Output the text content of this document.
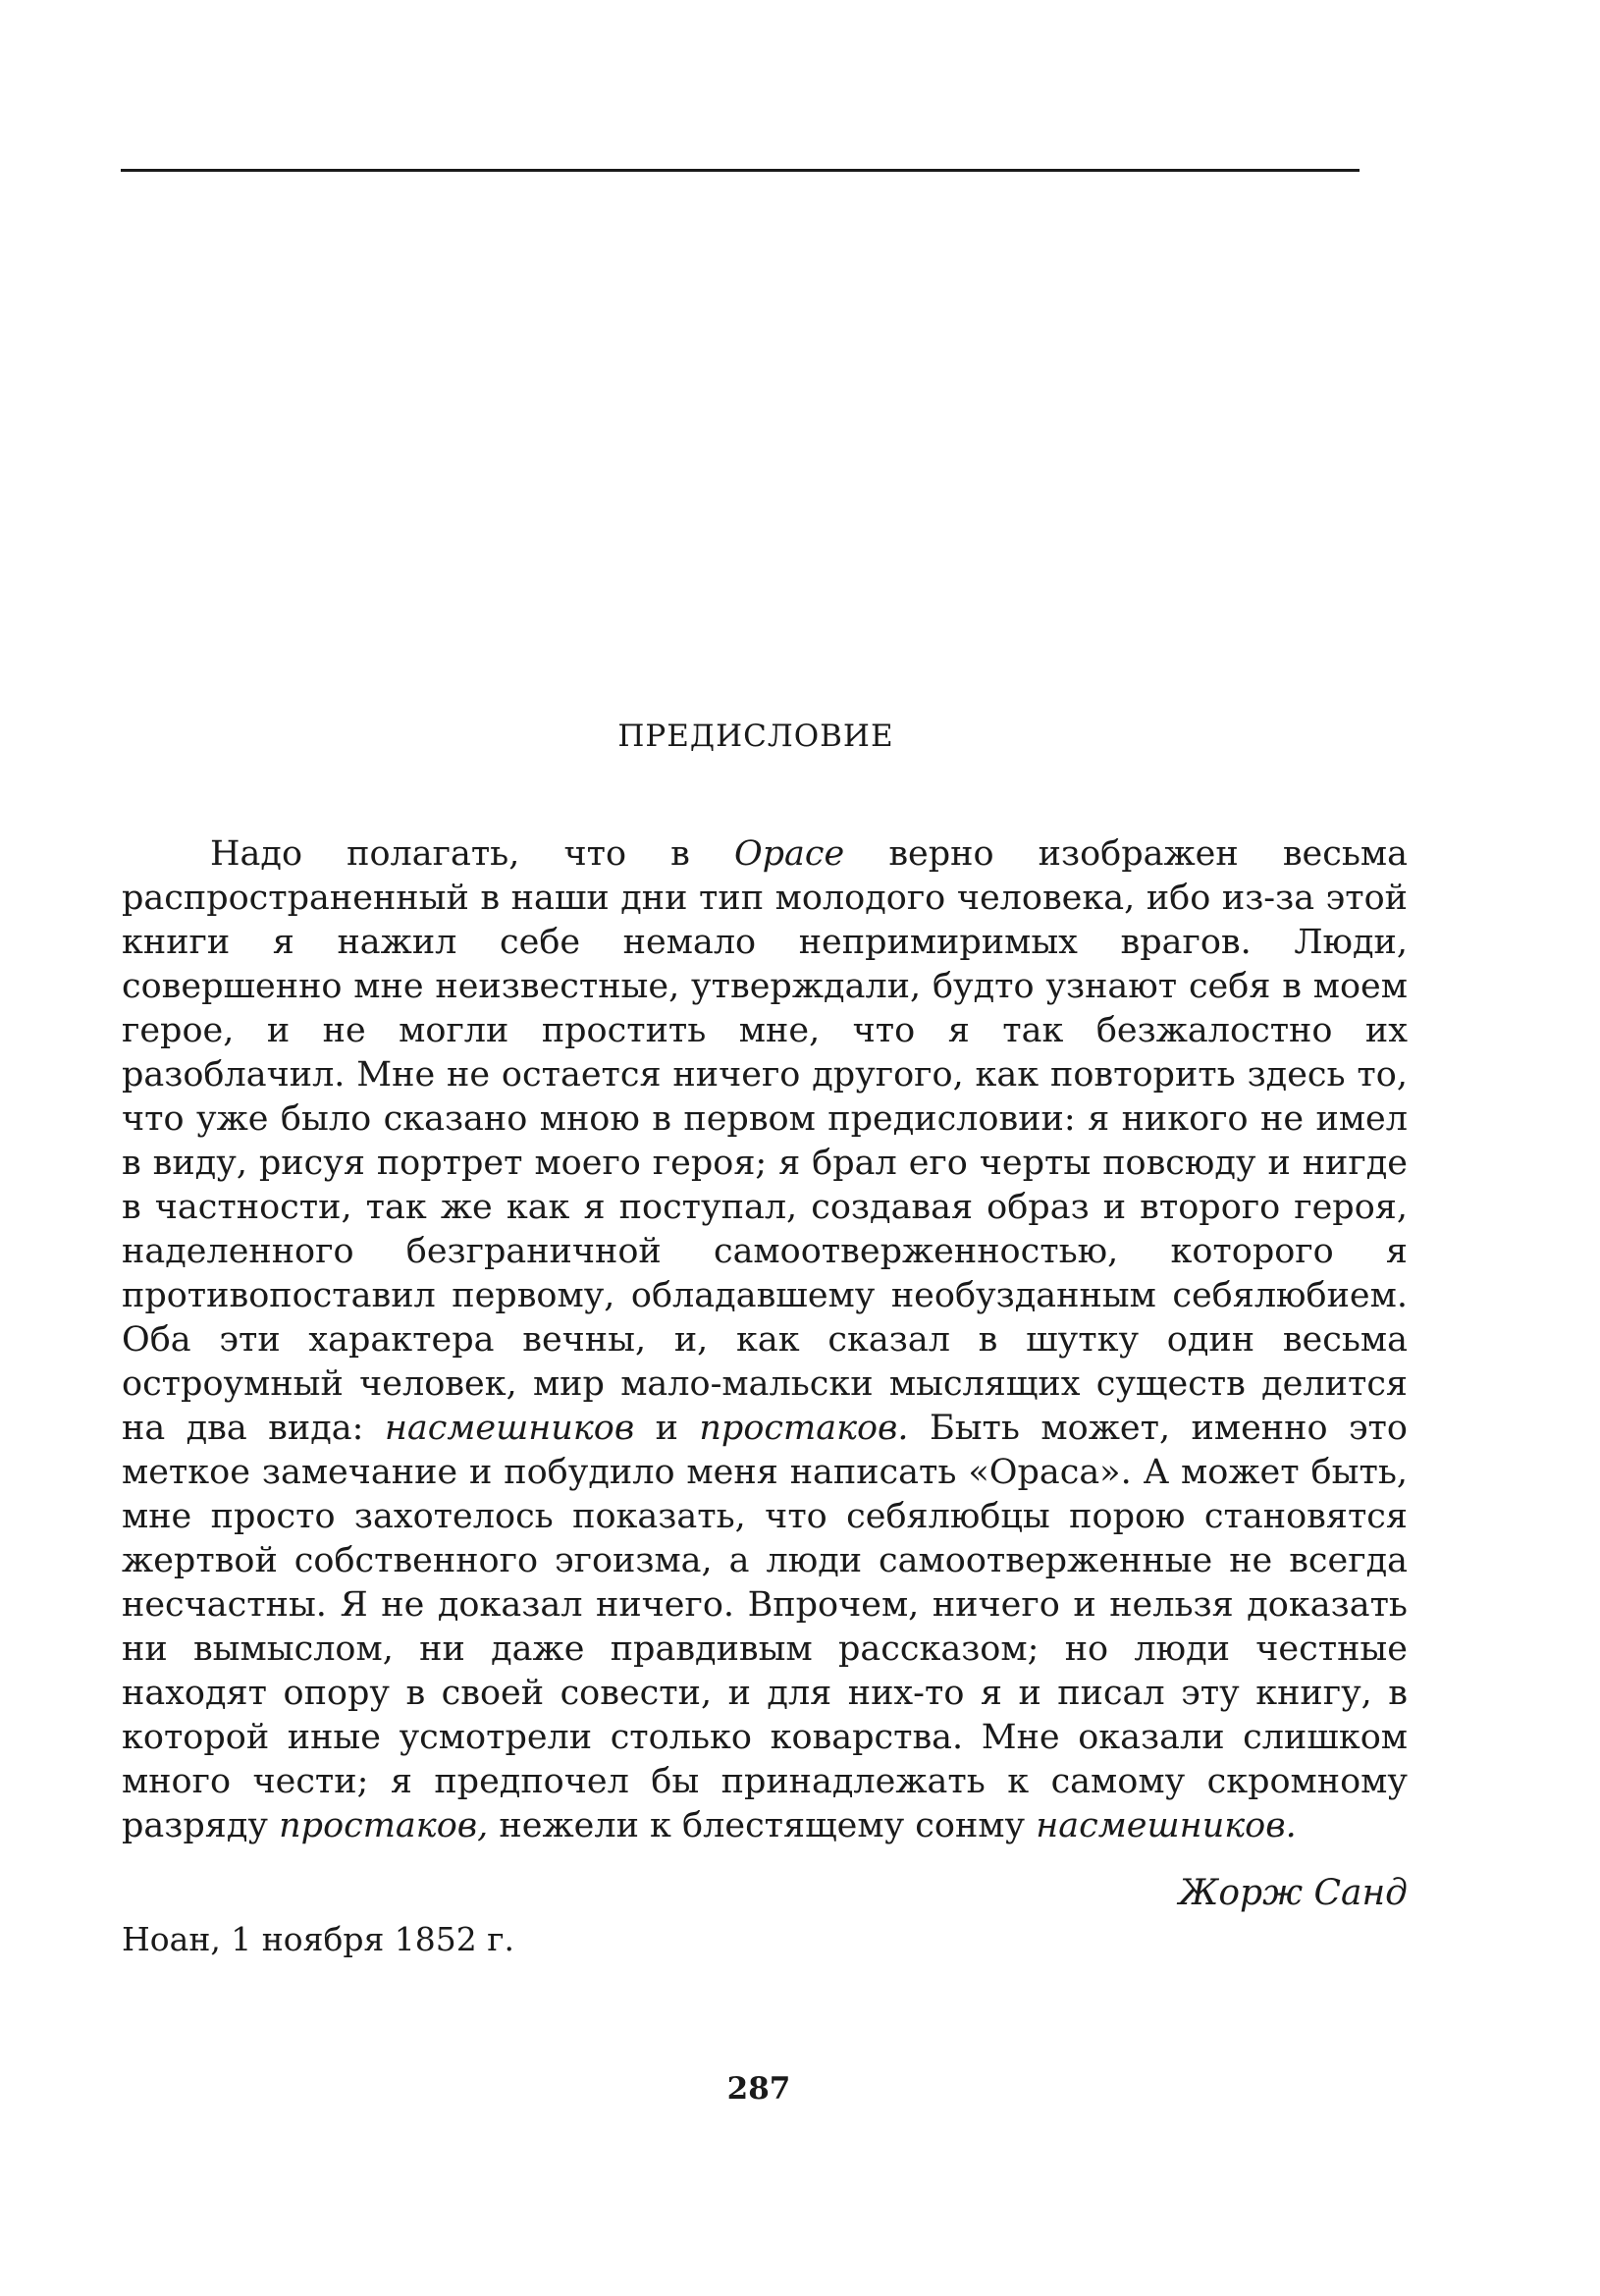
ПРЕДИСЛОВИЕ

Надо полагать, что в Орасе верно изображен весьма распространенный в наши дни тип молодого человека, ибо из-за этой книги я нажил себе немало непримиримых врагов. Люди, совершенно мне неизвестные, утверждали, будто узнают себя в моем герое, и не могли простить мне, что я так безжалостно их разоблачил. Мне не остается ничего другого, как повторить здесь то, что уже было сказано мною в первом предисловии: я никого не имел в виду, рисуя портрет моего героя; я брал его черты повсюду и нигде в частности, так же как я поступал, создавая образ и второго героя, наделенного безграничной самоотверженностью, которого я противопоставил первому, обладавшему необузданным себялюбием. Оба эти характера вечны, и, как сказал в шутку один весьма остроумный человек, мир мало-мальски мыслящих существ делится на два вида: насмешников и простаков. Быть может, именно это меткое замечание и побудило меня написать «Ораса». А может быть, мне просто захотелось показать, что себялюбцы порою становятся жертвой собственного эгоизма, а люди самоотверженные не всегда несчастны. Я не доказал ничего. Впрочем, ничего и нельзя доказать ни вымыслом, ни даже правдивым рассказом; но люди честные находят опору в своей совести, и для них-то я и писал эту книгу, в которой иные усмотрели столько коварства. Мне оказали слишком много чести; я предпочел бы принадлежать к самому скромному разряду простаков, нежели к блестящему сонму насмешников.

Жорж Санд
Ноан, 1 ноября 1852 г.
287
